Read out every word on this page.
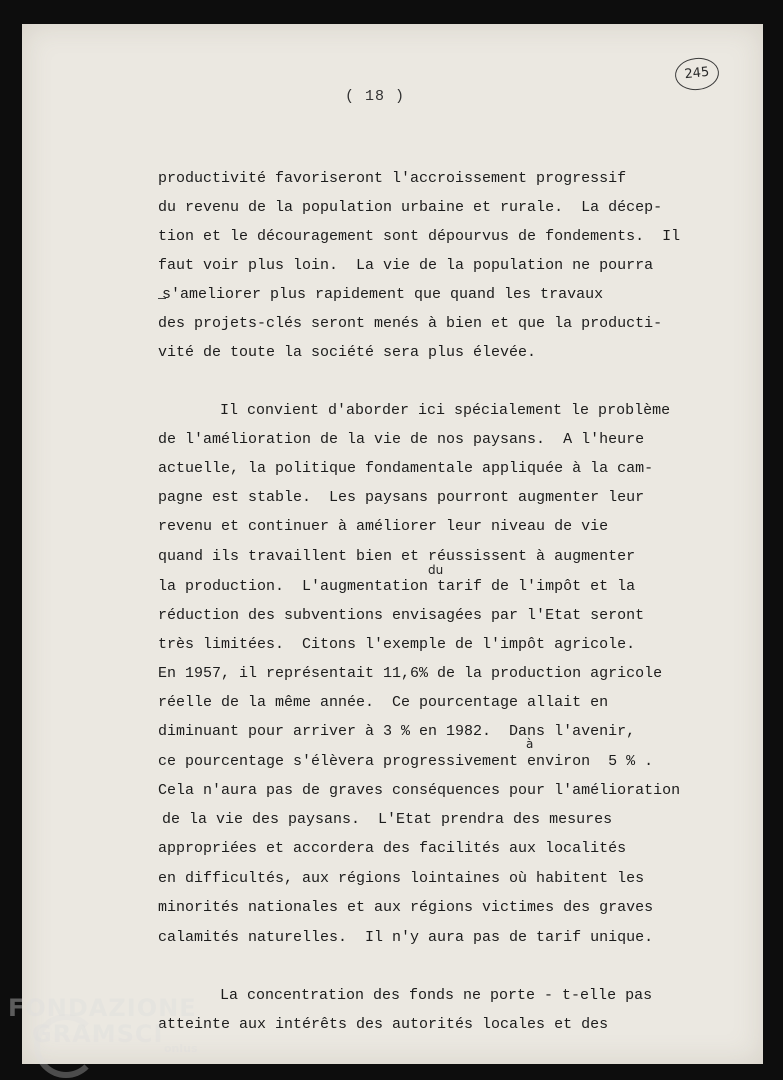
245
( 18 )
productivité favoriseront l'accroissement progressif
du revenu de la population urbaine et rurale.  La décep-
tion et le découragement sont dépourvus de fondements.  Il
faut voir plus loin.  La vie de la population ne pourra
s'ameliorer plus rapidement que quand les travaux
des projets-clés seront menés à bien et que la producti-
vité de toute la société sera plus élevée.
Il convient d'aborder ici spécialement le problème
de l'amélioration de la vie de nos paysans.  A l'heure
actuelle, la politique fondamentale appliquée à la cam-
pagne est stable.  Les paysans pourront augmenter leur
revenu et continuer à améliorer leur niveau de vie
quand ils travaillent bien et réussissent à augmenter
la production.  L'augmentation tarif de l'impôt et la
du
réduction des subventions envisagées par l'Etat seront
très limitées.  Citons l'exemple de l'impôt agricole.
En 1957, il représentait 11,6% de la production agricole
réelle de la même année.  Ce pourcentage allait en
diminuant pour arriver à 3 % en 1982.  Dans l'avenir,
ce pourcentage s'élèvera progressivement environ  5 % .
à
Cela n'aura pas de graves conséquences pour l'amélioration
de la vie des paysans.  L'Etat prendra des mesures
appropriées et accordera des facilités aux localités
en difficultés, aux régions lointaines où habitent les
minorités nationales et aux régions victimes des graves
calamités naturelles.  Il n'y aura pas de tarif unique.
La concentration des fonds ne porte - t-elle pas
atteinte aux intérêts des autorités locales et des
FONDAZIONE
GRAMSCI
onlus
